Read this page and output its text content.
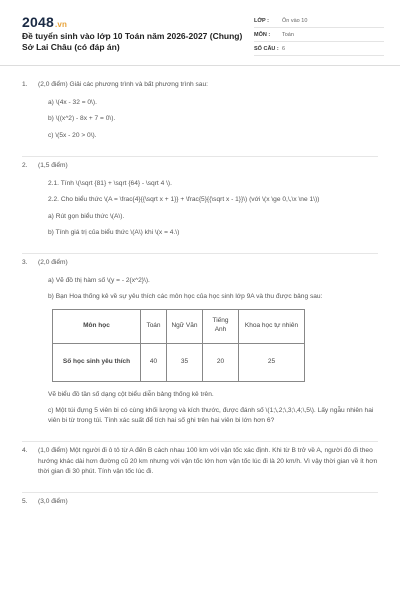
2048.vn
Đề tuyển sinh vào lớp 10 Toán năm 2026-2027 (Chung) Sở Lai Châu (có đáp án)
LỚP :	Ôn vào 10
MÔN :	Toán
SỐ CÂU : 6
1.	(2,0 điểm) Giải các phương trình và bất phương trình sau:
a) \(4x - 32 = 0\).
b) \((x^2) - 8x + 7 = 0\).
c) \(5x - 20 > 0\).
2.	(1,5 điểm)
2.1. Tính \(\sqrt {81} + \sqrt {64} - \sqrt 4 \).
2.2. Cho biểu thức \(A = \frac{4}{{\sqrt x + 1}} + \frac{5}{{\sqrt x - 1}}\) (với \(x \ge 0,\,\x \ne 1\))
a) Rút gọn biểu thức \(A\).
b) Tính giá trị của biểu thức \(A\) khi \(x = 4.\)
3.	(2,0 điểm)
a) Vẽ đồ thị hàm số \(y = - 2{x^2}\).
b) Bạn Hoa thống kê về sự yêu thích các môn học của học sinh lớp 9A và thu được bảng sau:
Môn học	Toán	Ngữ Văn	Tiếng Anh	Khoa học tự nhiên
Số học sinh yêu thích	40	35	20	25
Vẽ biểu đồ tần số dạng cột biểu diễn bảng thống kê trên.
c) Một túi đựng 5 viên bi có cùng khối lượng và kích thước, được đánh số \(1;\,2;\,3;\,4;\,5\). Lấy ngẫu nhiên hai viên bi từ trong túi. Tính xác suất để tích hai số ghi trên hai viên bi lớn hơn 6?
4.	(1,0 điểm) Một người đi ô tô từ A đến B cách nhau 100 km với vận tốc xác định. Khi từ B trở về A, người đó đi theo hướng khác dài hơn đường cũ 20 km nhưng với vận tốc lớn hơn vận tốc lúc đi là 20 km/h. Vì vậy thời gian về ít hơn thời gian đi 30 phút. Tính vận tốc lúc đi.
5.	(3,0 điểm)
